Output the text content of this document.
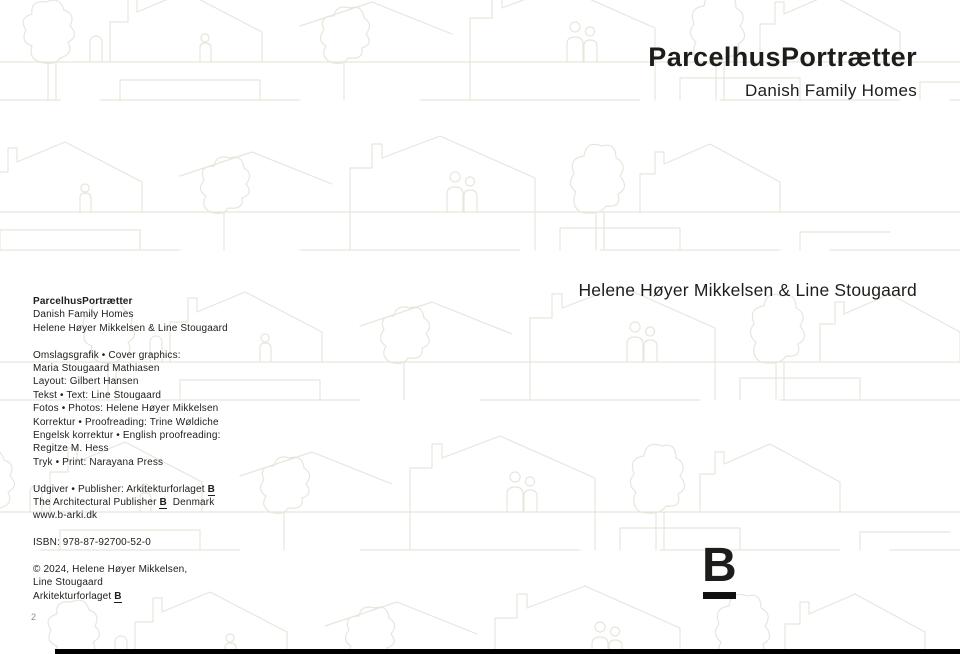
ParcelhusPortrætter
Danish Family Homes
Helene Høyer Mikkelsen & Line Stougaard
ParcelhusPortrætter
Danish Family Homes
Helene Høyer Mikkelsen & Line Stougaard
Omslagsgrafik • Cover graphics:
Maria Stougaard Mathiasen
Layout: Gilbert Hansen
Tekst • Text: Line Stougaard
Fotos • Photos: Helene Høyer Mikkelsen
Korrektur • Proofreading: Trine Wøldiche
Engelsk korrektur • English proofreading:
Regitze M. Hess
Tryk • Print: Narayana Press
Udgiver • Publisher: Arkitekturforlaget B
The Architectural Publisher B Denmark
www.b-arki.dk
ISBN: 978-87-92700-52-0
© 2024, Helene Høyer Mikkelsen,
Line Stougaard
Arkitekturforlaget B
B
2
